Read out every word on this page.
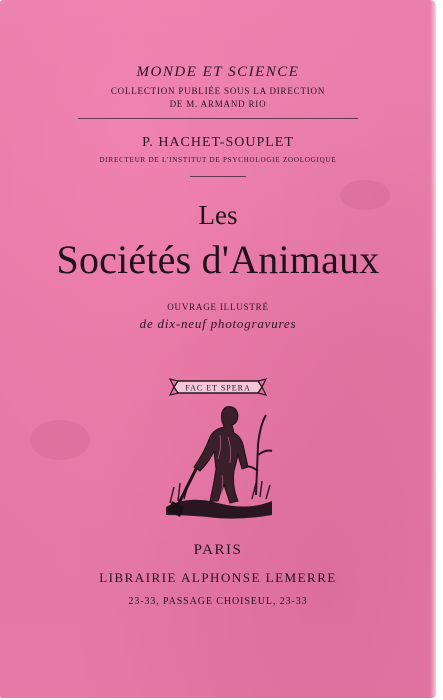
MONDE ET SCIENCE
COLLECTION PUBLIÉE SOUS LA DIRECTION
DE M. ARMAND RIO
P. HACHET-SOUPLET
DIRECTEUR DE L'INSTITUT DE PSYCHOLOGIE ZOOLOGIQUE
Les
Sociétés d'Animaux
OUVRAGE ILLUSTRÉ
de dix-neuf photogravures
FAC ET SPERA
PARIS
LIBRAIRIE ALPHONSE LEMERRE
23-33, PASSAGE CHOISEUL, 23-33
